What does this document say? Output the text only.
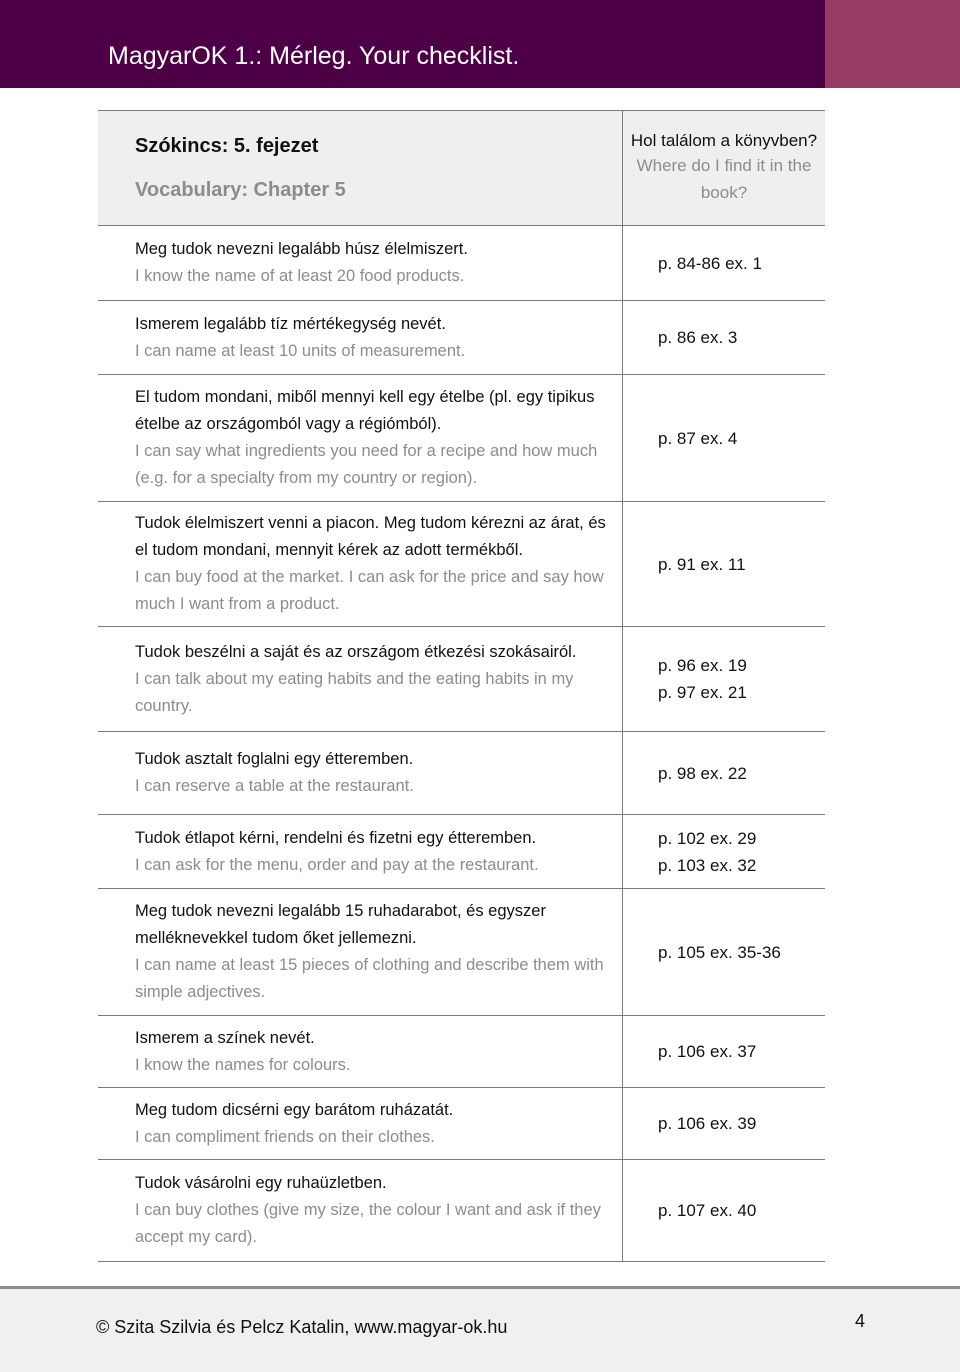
MagyarOK 1.: Mérleg. Your checklist.
Szókincs: 5. fejezet
Vocabulary: Chapter 5
Hol találom a könyvben?
Where do I find it in the book?
Meg tudok nevezni legalább húsz élelmiszert.
I know the name of at least 20 food products.
p. 84-86 ex. 1
Ismerem legalább tíz mértékegység nevét.
I can name at least 10 units of measurement.
p. 86 ex. 3
El tudom mondani, miből mennyi kell egy ételbe (pl. egy tipikus ételbe az országomból vagy a régiómból).
I can say what ingredients you need for a recipe and how much (e.g. for a specialty from my country or region).
p. 87 ex. 4
Tudok élelmiszert venni a piacon. Meg tudom kérezni az árat, és el tudom mondani, mennyit kérek az adott termékből.
I can buy food at the market. I can ask for the price and say how much I want from a product.
p. 91 ex. 11
Tudok beszélni a saját és az országom étkezési szokásairól.
I can talk about my eating habits and the eating habits in my country.
p. 96 ex. 19
p. 97 ex. 21
Tudok asztalt foglalni egy étteremben.
I can reserve a table at the restaurant.
p. 98 ex. 22
Tudok étlapot kérni, rendelni és fizetni egy étteremben.
I can ask for the menu, order and pay at the restaurant.
p. 102 ex. 29
p. 103 ex. 32
Meg tudok nevezni legalább 15 ruhadarabot, és egyszer melléknevekkel tudom őket jellemezni.
I can name at least 15 pieces of clothing and describe them with simple adjectives.
p. 105 ex. 35-36
Ismerem a színek nevét.
I know the names for colours.
p. 106 ex. 37
Meg tudom dicsérni egy barátom ruházatát.
I can compliment friends on their clothes.
p. 106 ex. 39
Tudok vásárolni egy ruhaüzletben.
I can buy clothes (give my size, the colour I want and ask if they accept my card).
p. 107 ex. 40
© Szita Szilvia és Pelcz Katalin, www.magyar-ok.hu	4
